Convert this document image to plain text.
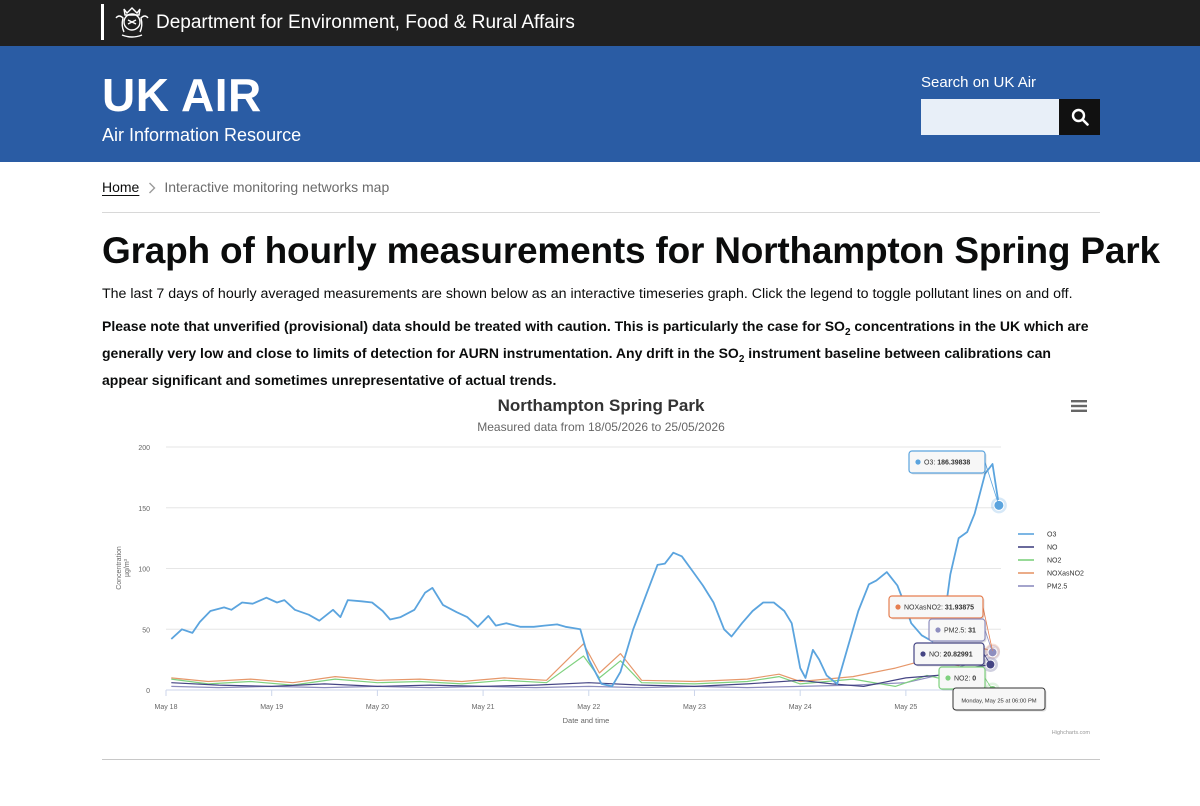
Department for Environment, Food & Rural Affairs
UK AIR
Air Information Resource
Search on UK Air
Home Interactive monitoring networks map
Graph of hourly measurements for Northampton Spring Park

The last 7 days of hourly averaged measurements are shown below as an interactive timeseries graph. Click the legend to toggle pollutant lines on and off.

Please note that unverified (provisional) data should be treated with caution. This is particularly the case for $SO_2$ concentrations in the UK which are generally very low and close to limits of detection for AURN instrumentation. Any drift in the $SO_2$ instrument baseline between calibrations can appear significant and sometimes unrepresentative of actual trends.

0
50
100
150
200
May 18	May 19	May 20	May 21	May 22	May 23	May 24	May 25
O3
NO
NO2
NOXasNO2
PM2.5
O3: 186.39838
NOXasNO2: 31.93875
PM2.5: 31
NO: 20.82991
NO2: 0
Monday, May 25 at 06:00 PM
Northampton Spring Park
Measured data from 18/05/2026 to 25/05/2026
Date and time
Concentration µg/m³
Highcharts.com
